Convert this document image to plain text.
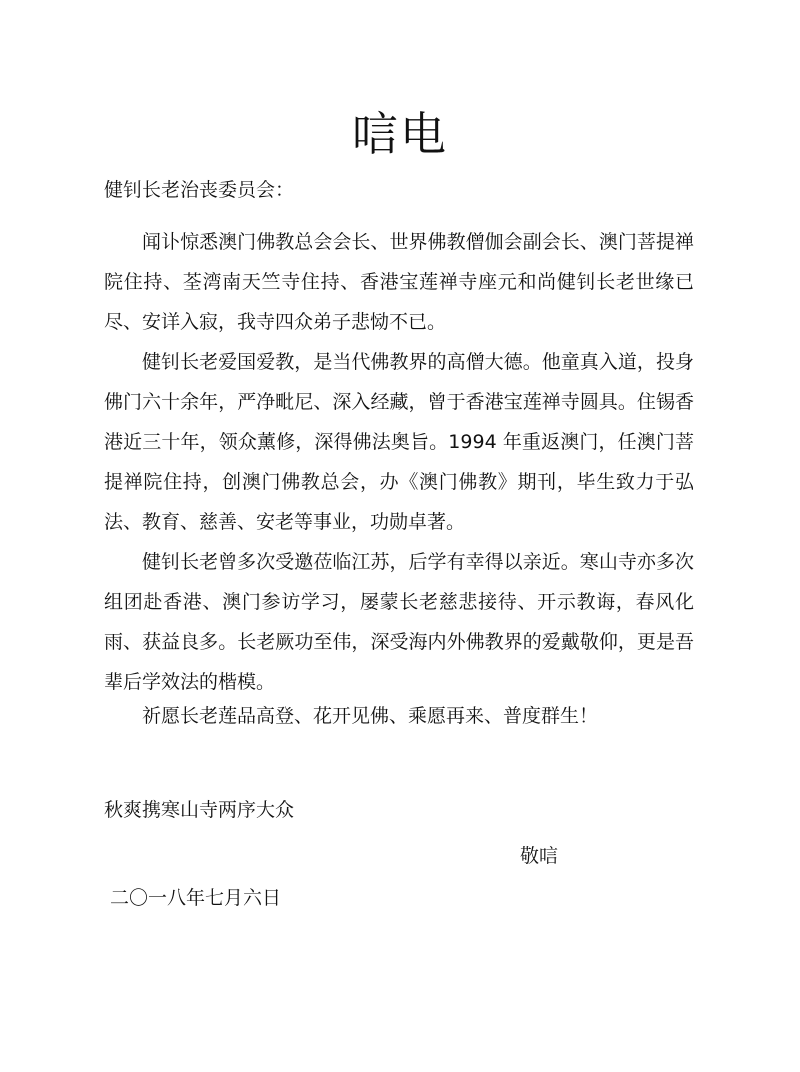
唁电

健钊长老治丧委员会：

闻讣惊悉澳门佛教总会会长、世界佛教僧伽会副会长、澳门菩提禅院住持、荃湾南天竺寺住持、香港宝莲禅寺座元和尚健钊长老世缘已尽、安详入寂，我寺四众弟子悲恸不已。

健钊长老爱国爱教，是当代佛教界的高僧大德。他童真入道，投身佛门六十余年，严净毗尼、深入经藏，曾于香港宝莲禅寺圆具。住锡香港近三十年，领众薰修，深得佛法奥旨。1994 年重返澳门，任澳门菩提禅院住持，创澳门佛教总会，办《澳门佛教》期刊，毕生致力于弘法、教育、慈善、安老等事业，功勋卓著。

健钊长老曾多次受邀莅临江苏，后学有幸得以亲近。寒山寺亦多次组团赴香港、澳门参访学习，屡蒙长老慈悲接待、开示教诲，春风化雨、获益良多。长老厥功至伟，深受海内外佛教界的爱戴敬仰，更是吾辈后学效法的楷模。

祈愿长老莲品高登、花开见佛、乘愿再来、普度群生！

秋爽携寒山寺两序大众

敬唁

二〇一八年七月六日
